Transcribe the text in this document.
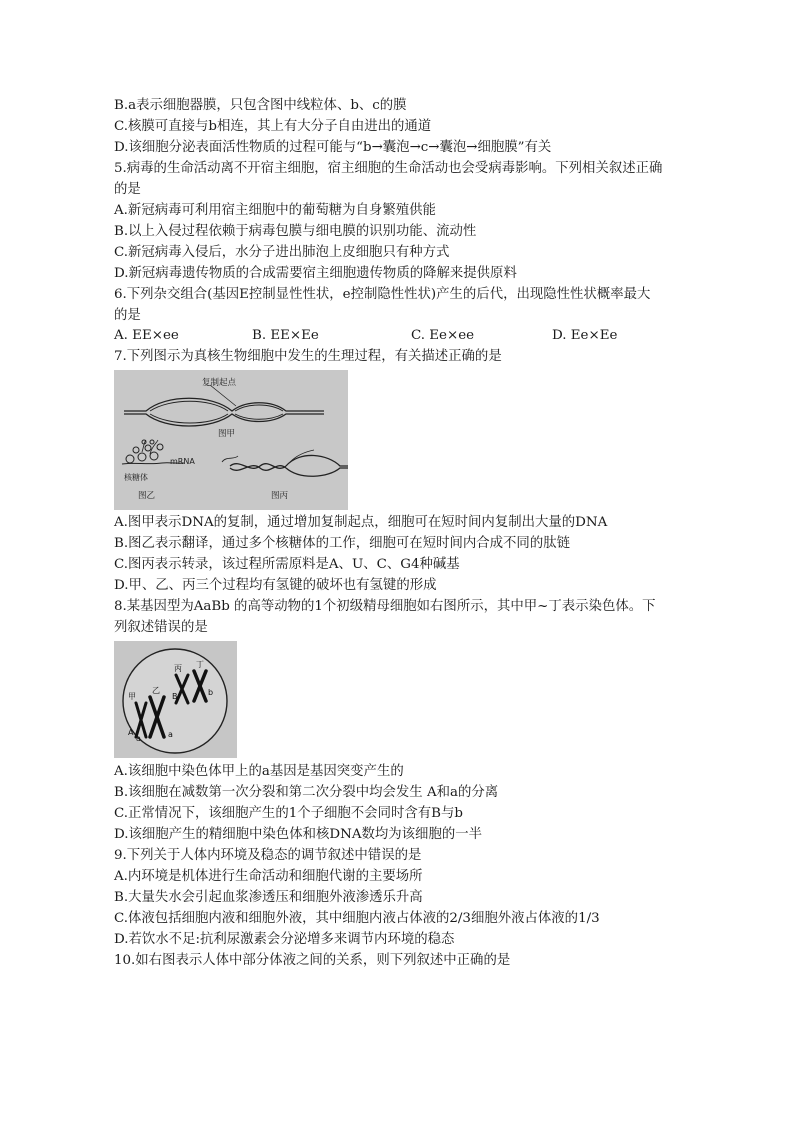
B.a表示细胞器膜，只包含图中线粒体、b、c的膜
C.核膜可直接与b相连，其上有大分子自由进出的通道
D.该细胞分泌表面活性物质的过程可能与“b→囊泡→c→囊泡→细胞膜”有关
5.病毒的生命活动离不开宿主细胞，宿主细胞的生命活动也会受病毒影响。下列相关叙述正确
的是
A.新冠病毒可利用宿主细胞中的葡萄糖为自身繁殖供能
B.以上入侵过程依赖于病毒包膜与细电膜的识别功能、流动性
C.新冠病毒入侵后，水分子进出肺泡上皮细胞只有种方式
D.新冠病毒遗传物质的合成需要宿主细胞遗传物质的降解来提供原料
6.下列杂交组合(基因E控制显性性状，e控制隐性性状)产生的后代，出现隐性性状概率最大
的是
A. EE×ee	B. EE×Ee	C. Ee×ee	D. Ee×Ee
7.下列图示为真核生物细胞中发生的生理过程，有关描述正确的是
复制起点
图甲
mRNA
核糖体
图乙	图丙
A.图甲表示DNA的复制，通过增加复制起点，细胞可在短时间内复制出大量的DNA
B.图乙表示翻译，通过多个核糖体的工作，细胞可在短时间内合成不同的肽链
C.图丙表示转录，该过程所需原料是A、U、C、G4种碱基
D.甲、乙、丙三个过程均有氢键的破坏也有氢键的形成
8.某基因型为AaBb 的高等动物的1个初级精母细胞如右图所示，其中甲~丁表示染色体。下
列叙述错误的是
甲
乙
丙 丁
A
a	a
B	b
A.该细胞中染色体甲上的a基因是基因突变产生的
B.该细胞在减数第一次分裂和第二次分裂中均会发生 A和a的分离
C.正常情况下，该细胞产生的1个子细胞不会同时含有B与b
D.该细胞产生的精细胞中染色体和核DNA数均为该细胞的一半
9.下列关于人体内环境及稳态的调节叙述中错误的是
A.内环境是机体进行生命活动和细胞代谢的主要场所
B.大量失水会引起血浆渗透压和细胞外液渗透乐升高
C.体液包括细胞内液和细胞外液，其中细胞内液占体液的2/3细胞外液占体液的1/3
D.若饮水不足:抗利尿激素会分泌增多来调节内环境的稳态
10.如右图表示人体中部分体液之间的关系，则下列叙述中正确的是
